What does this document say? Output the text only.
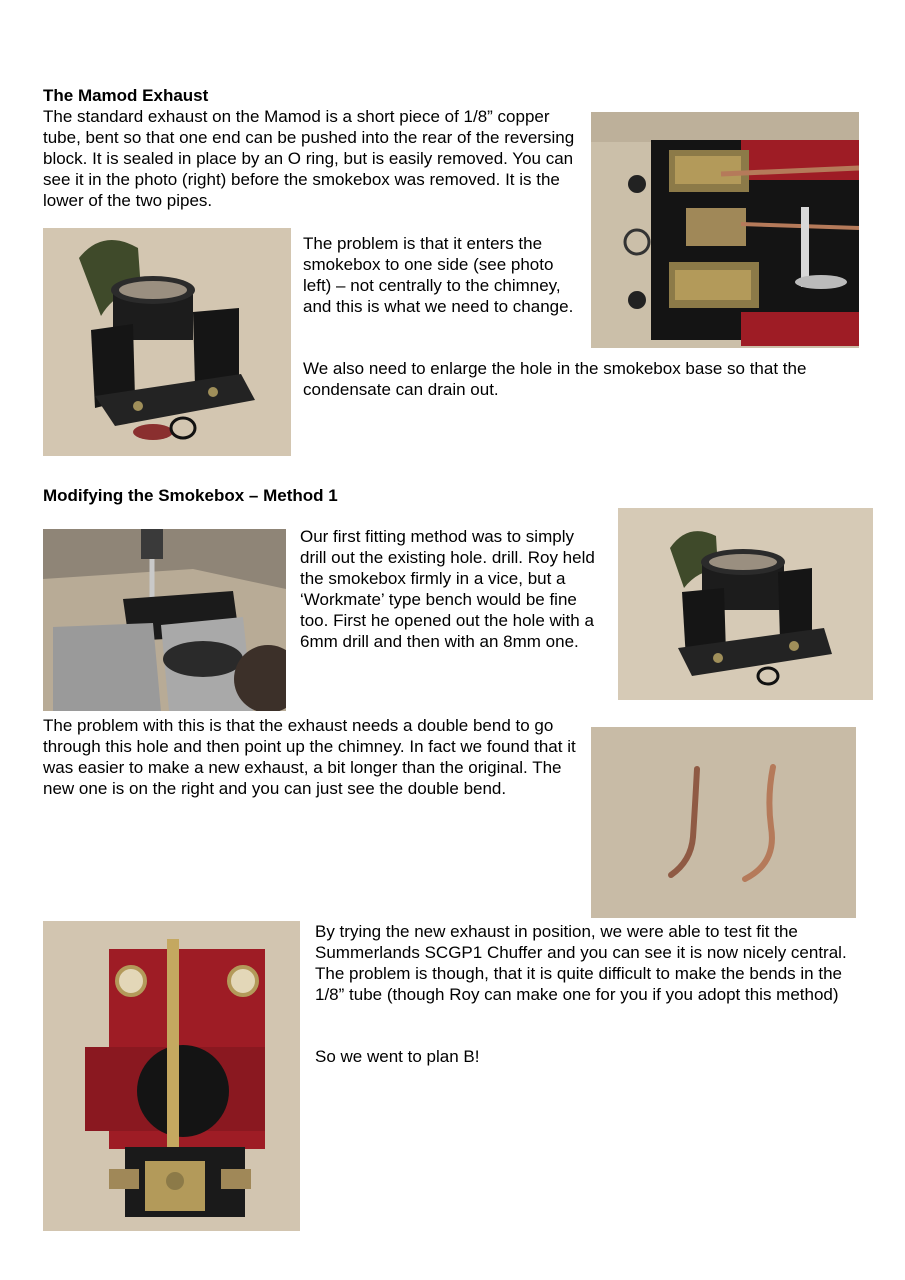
The Mamod Exhaust
The standard exhaust on the Mamod is a short piece of 1/8” copper tube, bent so that one end can be pushed into the rear of the reversing block. It is sealed in place by an O ring, but is easily removed. You can see it in the photo (right) before the smokebox was removed. It is the lower of the two pipes.
The problem is that it enters the smokebox to one side (see photo left) – not centrally to the chimney, and this is what we need to change.
We also need to enlarge the hole in the smokebox base so that the condensate can drain out.
Modifying the Smokebox – Method 1
Our first fitting method was to simply drill out the existing hole. drill. Roy held the smokebox firmly in a vice, but a ‘Workmate’ type bench would be fine too. First he opened out the hole with a 6mm drill and then with an 8mm one.
The problem with this is that the exhaust needs a double bend to go through this hole and then point up the chimney. In fact we found that it was easier to make a new exhaust, a bit longer than the original. The new one is on the right and you can just see the double bend.
By trying the new exhaust in position, we were able to test fit the Summerlands SCGP1 Chuffer and you can see it is now nicely central. The problem is though, that it is quite difficult to make the bends in the 1/8” tube (though Roy can make one for you if you adopt this method)
So we went to plan B!
